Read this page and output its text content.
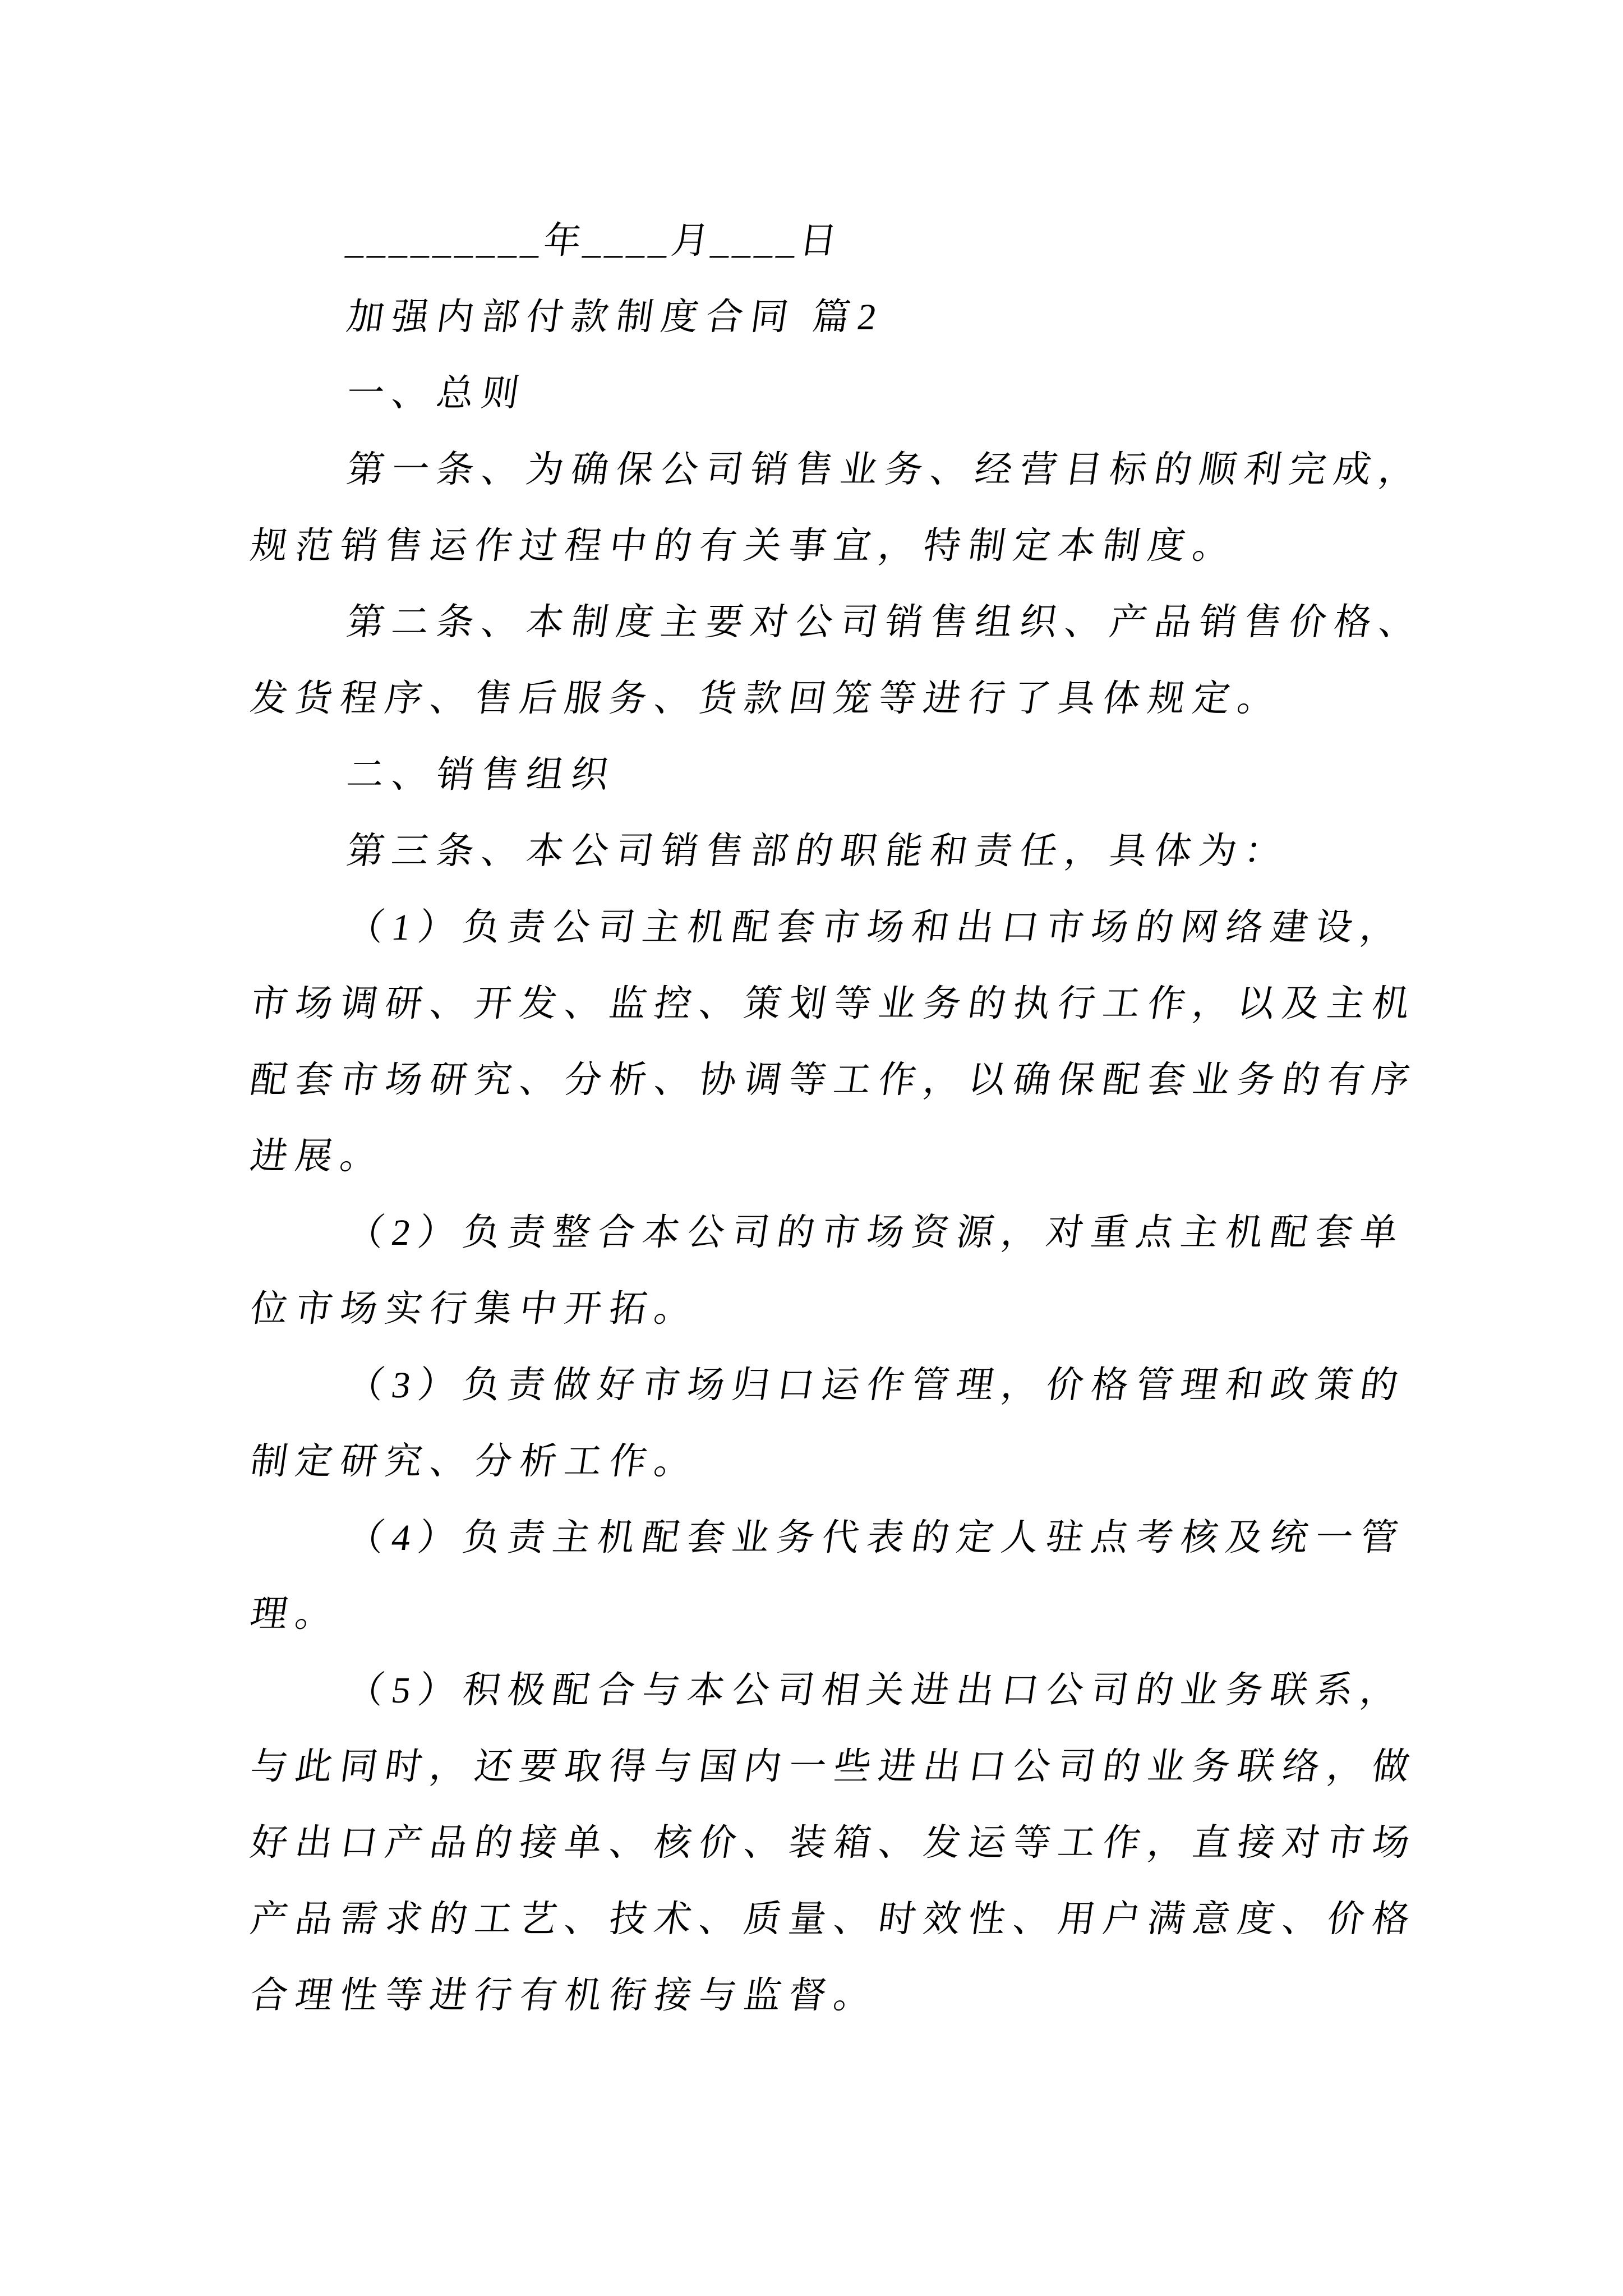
_________年____月____日
加强内部付款制度合同 篇2
一、总则
第一条、为确保公司销售业务、经营目标的顺利完成，
规范销售运作过程中的有关事宜，特制定本制度。
第二条、本制度主要对公司销售组织、产品销售价格、
发货程序、售后服务、货款回笼等进行了具体规定。
二、销售组织
第三条、本公司销售部的职能和责任，具体为：
（1）负责公司主机配套市场和出口市场的网络建设，
市场调研、开发、监控、策划等业务的执行工作，以及主机
配套市场研究、分析、协调等工作，以确保配套业务的有序
进展。
（2）负责整合本公司的市场资源，对重点主机配套单
位市场实行集中开拓。
（3）负责做好市场归口运作管理，价格管理和政策的
制定研究、分析工作。
（4）负责主机配套业务代表的定人驻点考核及统一管
理。
（5）积极配合与本公司相关进出口公司的业务联系，
与此同时，还要取得与国内一些进出口公司的业务联络，做
好出口产品的接单、核价、装箱、发运等工作，直接对市场
产品需求的工艺、技术、质量、时效性、用户满意度、价格
合理性等进行有机衔接与监督。
